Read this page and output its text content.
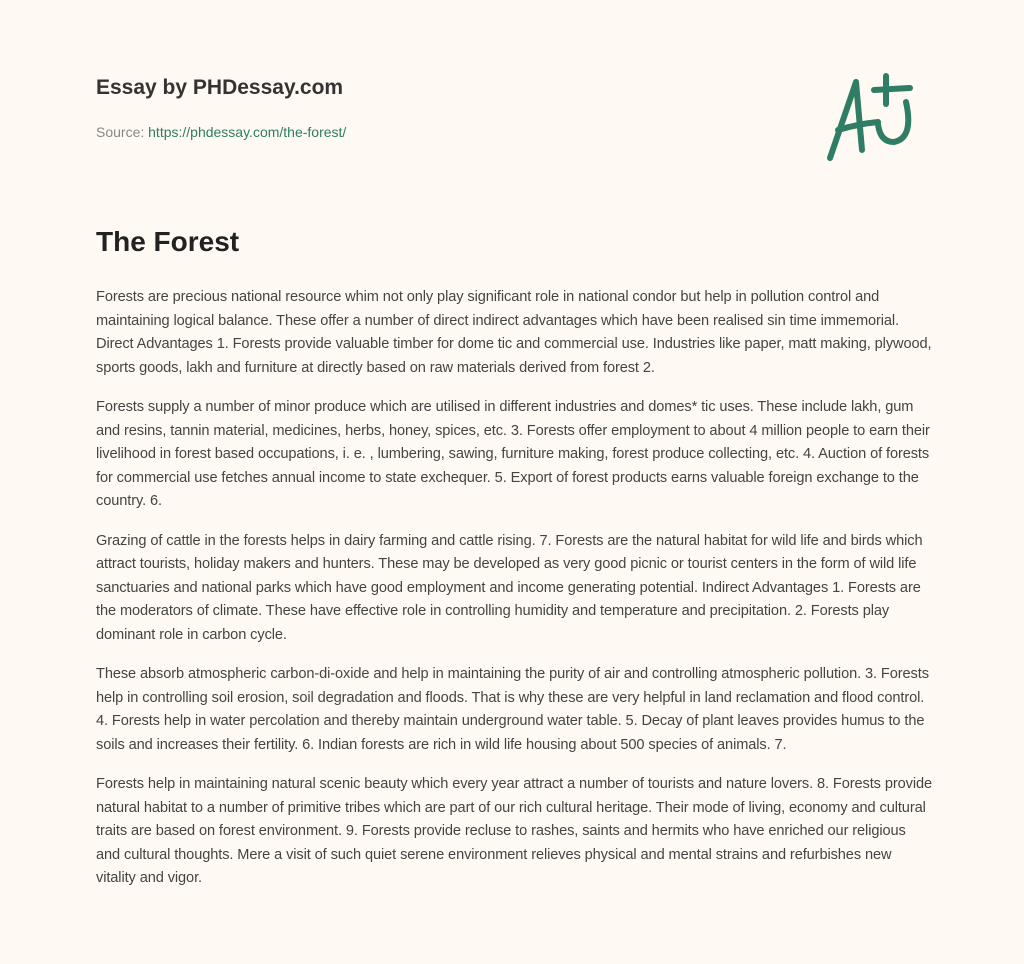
Essay by PHDessay.com
Source: https://phdessay.com/the-forest/
The Forest

Forests are precious national resource whim not only play significant role in national condor but help in pollution control and maintaining logical balance. These offer a number of direct indirect advantages which have been realised sin time immemorial. Direct Advantages 1. Forests provide valuable timber for dome tic and commercial use. Industries like paper, matt making, plywood, sports goods, lakh and furniture at directly based on raw materials derived from forest 2.

Forests supply a number of minor produce which are utilised in different industries and domes* tic uses. These include lakh, gum and resins, tannin material, medicines, herbs, honey, spices, etc. 3. Forests offer employment to about 4 million people to earn their livelihood in forest based occupations, i. e. , lumbering, sawing, furniture making, forest produce collecting, etc. 4. Auction of forests for commercial use fetches annual income to state exchequer. 5. Export of forest products earns valuable foreign exchange to the country. 6.

Grazing of cattle in the forests helps in dairy farming and cattle rising. 7. Forests are the natural habitat for wild life and birds which attract tourists, holiday makers and hunters. These may be developed as very good picnic or tourist centers in the form of wild life sanctuaries and national parks which have good employment and income generating potential. Indirect Advantages 1. Forests are the moderators of climate. These have effective role in controlling humidity and temperature and precipitation. 2. Forests play dominant role in carbon cycle.

These absorb atmospheric carbon-di-oxide and help in maintaining the purity of air and controlling atmospheric pollution. 3. Forests help in controlling soil erosion, soil degradation and floods. That is why these are very helpful in land reclamation and flood control. 4. Forests help in water percolation and thereby maintain underground water table. 5. Decay of plant leaves provides humus to the soils and increases their fertility. 6. Indian forests are rich in wild life housing about 500 species of animals. 7.

Forests help in maintaining natural scenic beauty which every year attract a number of tourists and nature lovers. 8. Forests provide natural habitat to a number of primitive tribes which are part of our rich cultural heritage. Their mode of living, economy and cultural traits are based on forest environment. 9. Forests provide recluse to rashes, saints and hermits who have enriched our religious and cultural thoughts. Mere a visit of such quiet serene environment relieves physical and mental strains and refurbishes new vitality and vigor.
